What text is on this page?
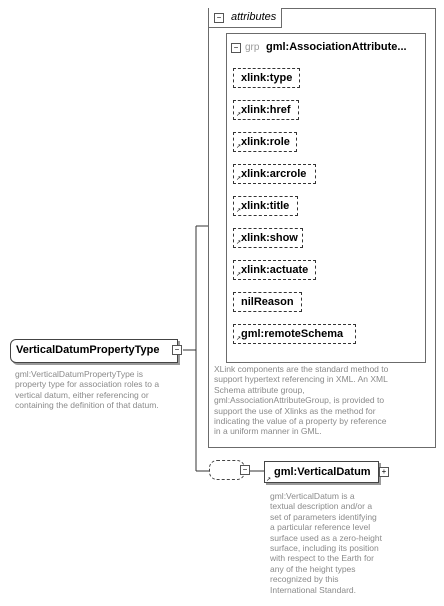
− attributes
− grp gml:AssociationAttribute...
xlink:type
xlink:href
↗
xlink:role
↗
xlink:arcrole
↗
xlink:title
↗
xlink:show
↗
xlink:actuate
↗
nilReason
gml:remoteSchema
↗
XLink components are the standard method to
support hypertext referencing in XML. An XML
Schema attribute group,
gml:AssociationAttributeGroup, is provided to
support the use of Xlinks as the method for
indicating the value of a property by reference
in a uniform manner in GML.
VerticalDatumPropertyType	−
gml:VerticalDatumPropertyType is
property type for association roles to a
vertical datum, either referencing or
containing the definition of that datum.
− gml:VerticalDatum
↗
+
gml:VerticalDatum is a
textual description and/or a
set of parameters identifying
a particular reference level
surface used as a zero-height
surface, including its position
with respect to the Earth for
any of the height types
recognized by this
International Standard.
